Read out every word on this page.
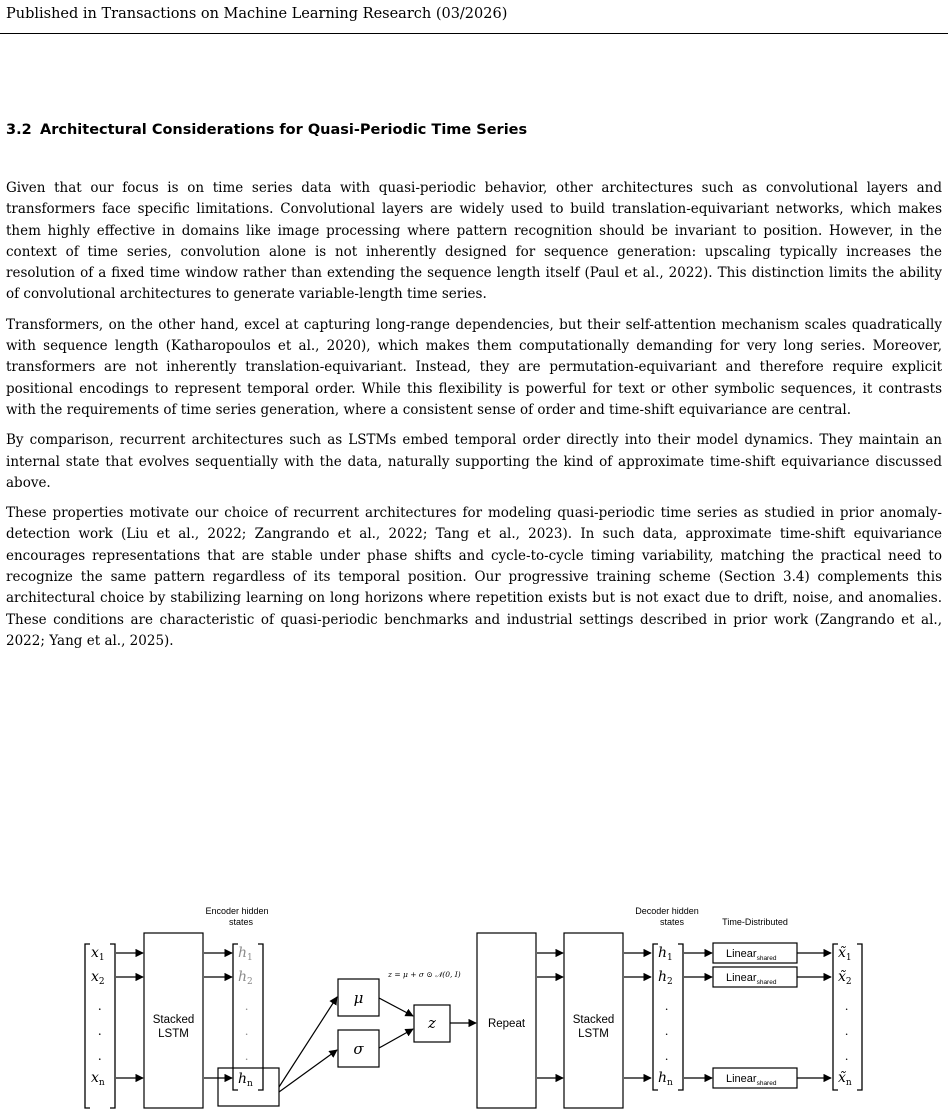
Published in Transactions on Machine Learning Research (03/2026)
3.2 Architectural Considerations for Quasi-Periodic Time Series

Given that our focus is on time series data with quasi-periodic behavior, other architectures such as convolutional layers and transformers face specific limitations. Convolutional layers are widely used to build translation-equivariant networks, which makes them highly effective in domains like image processing where pattern recognition should be invariant to position. However, in the context of time series, convolution alone is not inherently designed for sequence generation: upscaling typically increases the resolution of a fixed time window rather than extending the sequence length itself (Paul et al., 2022). This distinction limits the ability of convolutional architectures to generate variable-length time series.

Transformers, on the other hand, excel at capturing long-range dependencies, but their self-attention mechanism scales quadratically with sequence length (Katharopoulos et al., 2020), which makes them computationally demanding for very long series. Moreover, transformers are not inherently translation-equivariant. Instead, they are permutation-equivariant and therefore require explicit positional encodings to represent temporal order. While this flexibility is powerful for text or other symbolic sequences, it contrasts with the requirements of time series generation, where a consistent sense of order and time-shift equivariance are central.

By comparison, recurrent architectures such as LSTMs embed temporal order directly into their model dynamics. They maintain an internal state that evolves sequentially with the data, naturally supporting the kind of approximate time-shift equivariance discussed above.

These properties motivate our choice of recurrent architectures for modeling quasi-periodic time series as studied in prior anomaly-detection work (Liu et al., 2022; Zangrando et al., 2022; Tang et al., 2023). In such data, approximate time-shift equivariance encourages representations that are stable under phase shifts and cycle-to-cycle timing variability, matching the practical need to recognize the same pattern regardless of its temporal position. Our progressive training scheme (Section 3.4) complements this architectural choice by stabilizing learning on long horizons where repetition exists but is not exact due to drift, noise, and anomalies. These conditions are characteristic of quasi-periodic benchmarks and industrial settings described in prior work (Zangrando et al., 2022; Yang et al., 2025).

$x_1$
$x_2$
.
.
.
$x_n$
Stacked
LSTM
Encoder hidden
states
$h_1$
$h_2$
.
.
.
$h_n$
μ
σ
z = μ + σ ⊙ 𝒩(0, I)
z	Repeat	Stacked
LSTM
Decoder hidden
states	Time-Distributed
$h_1$
$h_2$
.
.
.
$h_n$
Linear$_{shared}$
Linear$_{shared}$
Linear$_{shared}$
$x̃_1$
$x̃_2$
.
.
.
$x̃_n$
